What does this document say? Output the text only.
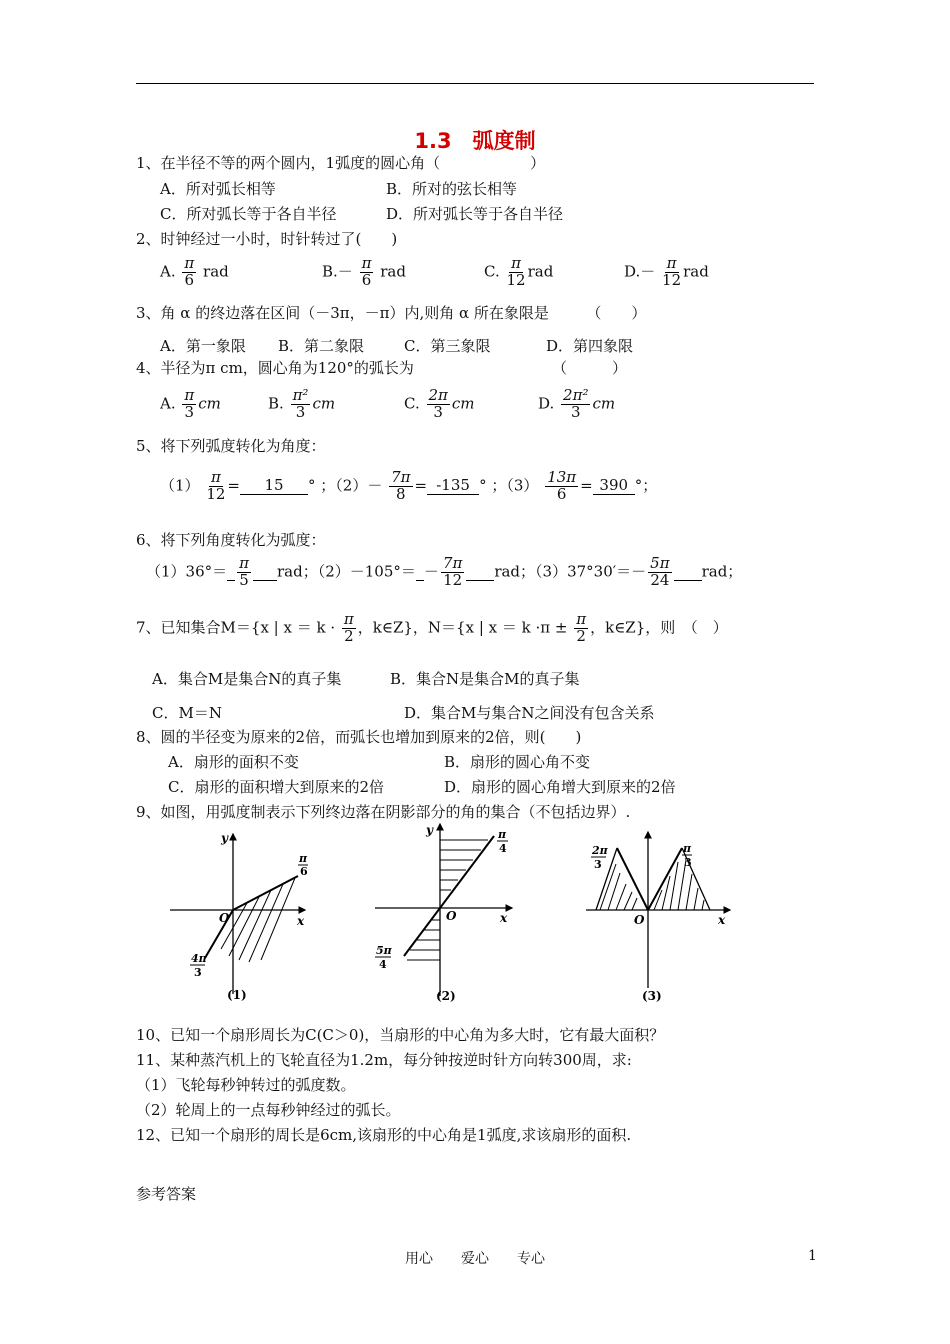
1.3　弧度制
1、在半径不等的两个圆内，1弧度的圆心角（　　　　　　）
A．所对弧长相等	B．所对的弦长相等
C．所对弧长等于各自半径	D．所对弧长等于各自半径
2、时钟经过一小时，时针转过了(　　)
A. $\frac{\pi}{6}$ rad	$B.- \frac{\pi}{6}$ rad	C. $\frac{\pi}{12}$ rad	$D.- \frac{\pi}{12}$ rad
3、角 α 的终边落在区间（－3π，－π）内,则角 α 所在象限是　　　（　　）
A．第一象限 B．第二象限	C．第三象限	D．第四象限
4、半径为π cm，圆心角为120°的弧长为	（　　　）
A. $\frac{\pi}{3}$ cm	B. $\frac{\text{π²}}{3}$ cm	C. $\frac{2\pi}{3}$ cm	D. $\frac{\text{2π²}}{3}$ cm
5、将下列弧度转化为角度：
$(1) \frac{\pi}{12} = 15$ ° ；$(2)- \frac{7\pi}{8} = -135$ ° ；$(3) \frac{13\pi}{6} = 390$ °；
6、将下列角度转化为弧度：
$(1)36^\circ= \frac{\pi}{5}$ rad；$(2)-105^\circ= - \frac{7\pi}{12}$ rad；$(3)37^\circ 30'=- \frac{5\pi}{24}$ rad；
7、已知集合M＝{x | $x = k \cdot \frac{\pi}{2}$ ，k∈Z}，N＝{x | $x = k \cdot\pi \pm \frac{\pi}{2}$ ，k∈Z}，则　（　）
A．集合M是集合N的真子集	B．集合N是集合M的真子集
C．M＝N	D．集合M与集合N之间没有包含关系
8、圆的半径变为原来的2倍，而弧长也增加到原来的2倍，则(　　)
A．扇形的面积不变	B．扇形的圆心角不变
C．扇形的面积增大到原来的2倍	D．扇形的圆心角增大到原来的2倍
9、如图，用弧度制表示下列终边落在阴影部分的角的集合（不包括边界）.
π
6
4π
3
O	x
y
(1)
π
4
5π
4
O	x
y
(2)
2π
3
π
3
O	x
(3)
10、已知一个扇形周长为C(C＞0)，当扇形的中心角为多大时，它有最大面积？
11、某种蒸汽机上的飞轮直径为1.2m，每分钟按逆时针方向转300周，求:
（1）飞轮每秒钟转过的弧度数。
（2）轮周上的一点每秒钟经过的弧长。
12、已知一个扇形的周长是6cm,该扇形的中心角是1弧度,求该扇形的面积.
参考答案
用心　　爱心　　专心	1
